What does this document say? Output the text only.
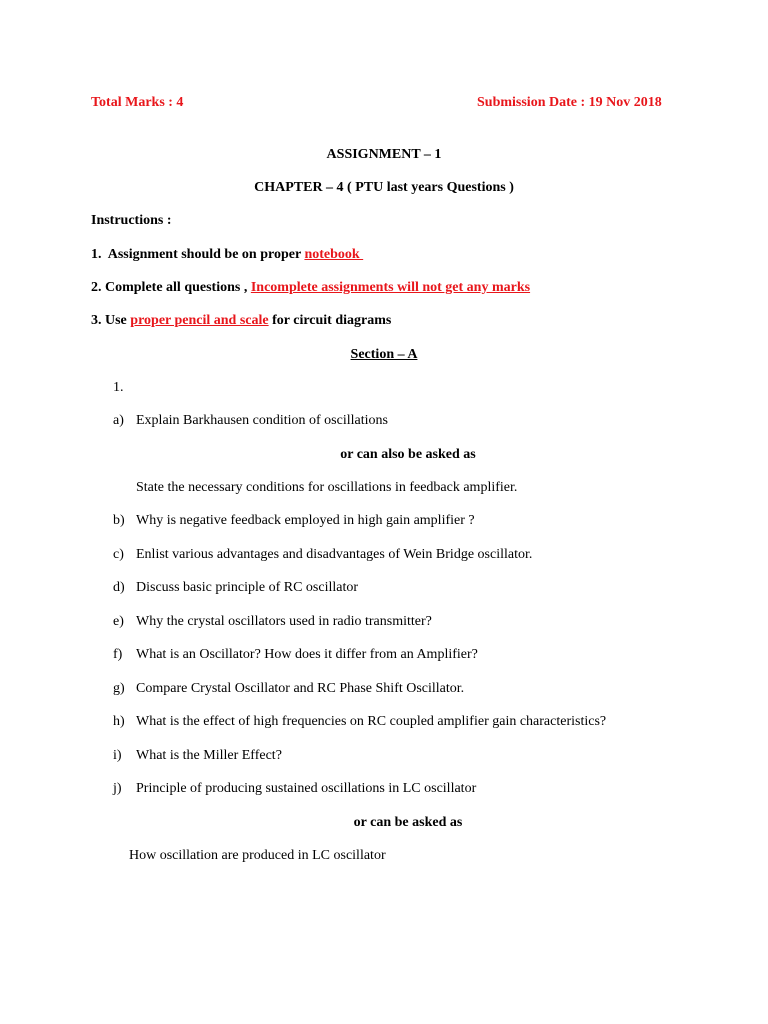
Total Marks : 4	Submission Date : 19 Nov 2018
ASSIGNMENT – 1
CHAPTER – 4 ( PTU last years Questions )
Instructions :
1.  Assignment should be on proper notebook
2. Complete all questions , Incomplete assignments will not get any marks
3. Use proper pencil and scale for circuit diagrams
Section – A
1.
a) Explain Barkhausen condition of oscillations
or can also be asked as
State the necessary conditions for oscillations in feedback amplifier.
b) Why is negative feedback employed in high gain amplifier ?
c) Enlist various advantages and disadvantages of Wein Bridge oscillator.
d) Discuss basic principle of RC oscillator
e) Why the crystal oscillators used in radio transmitter?
f) What is an Oscillator? How does it differ from an Amplifier?
g) Compare Crystal Oscillator and RC Phase Shift Oscillator.
h) What is the effect of high frequencies on RC coupled amplifier gain characteristics?
i) What is the Miller Effect?
j) Principle of producing sustained oscillations in LC oscillator
or can be asked as
How oscillation are produced in LC oscillator
